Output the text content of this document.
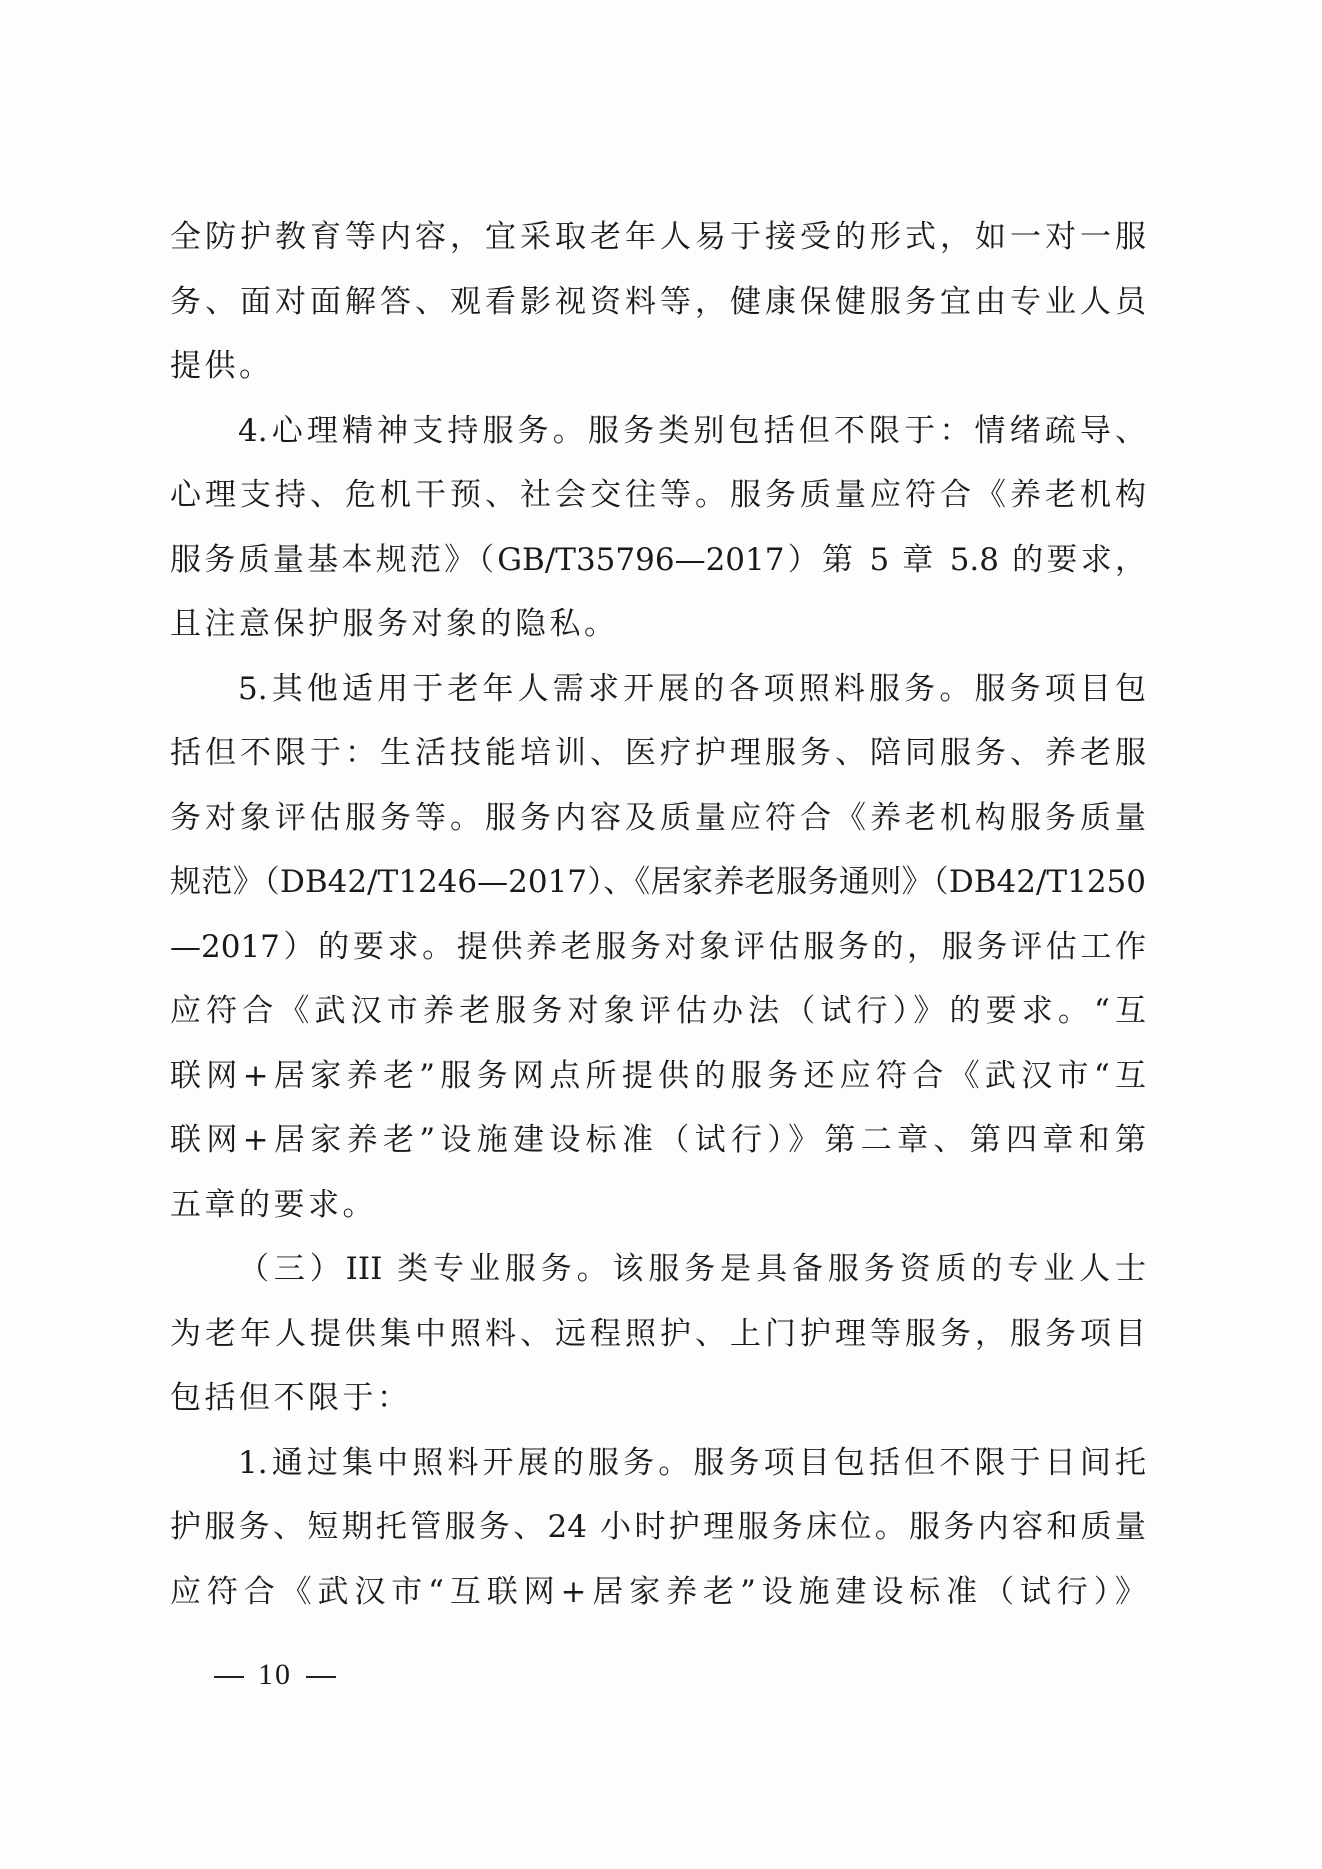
全防护教育等内容，宜采取老年人易于接受的形式，如一对一服
务、面对面解答、观看影视资料等，健康保健服务宜由专业人员
提供。
4.心理精神支持服务。服务类别包括但不限于：情绪疏导、
心理支持、危机干预、社会交往等。服务质量应符合《养老机构
服务质量基本规范》（GB/T35796—2017）第 5 章 5.8 的要求，
且注意保护服务对象的隐私。
5.其他适用于老年人需求开展的各项照料服务。服务项目包
括但不限于：生活技能培训、医疗护理服务、陪同服务、养老服
务对象评估服务等。服务内容及质量应符合《养老机构服务质量
规范》（DB42/T1246—2017）、《居家养老服务通则》（DB42/T1250
—2017）的要求。提供养老服务对象评估服务的，服务评估工作
应符合《武汉市养老服务对象评估办法（试行）》的要求。“互
联网+居家养老”服务网点所提供的服务还应符合《武汉市“互
联网+居家养老”设施建设标准（试行）》第二章、第四章和第
五章的要求。
（三）III 类专业服务。该服务是具备服务资质的专业人士
为老年人提供集中照料、远程照护、上门护理等服务，服务项目
包括但不限于：
1.通过集中照料开展的服务。服务项目包括但不限于日间托
护服务、短期托管服务、24 小时护理服务床位。服务内容和质量
应符合《武汉市“互联网+居家养老”设施建设标准（试行）》
10
